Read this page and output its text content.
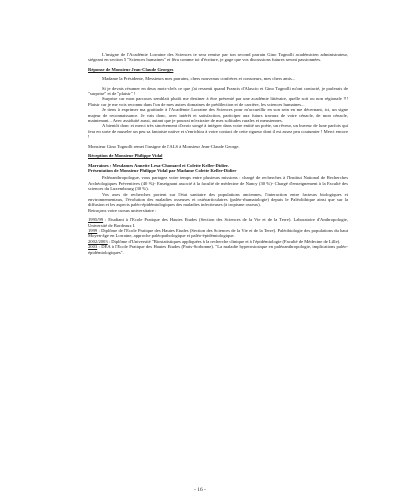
L'insigne de l'Académie Lorraine des Sciences te sera remise par ton second parrain Gino Tognolli académicien administrateur, siégeant en section 5 "Sciences humaines" et fêru comme toi d'écriture, je gage que vos discussions futures seront passionnées.

Réponse de Monsieur Jean-Claude Georges

Madame la Présidente, Messieurs mes parrains, chers nouveaux confrères et consoeurs, mes chers amis...

Si je devais résumer en deux mots-clefs ce que j'ai ressenti quand Francis d'Alascio et Gino Tognolli m'ont contacté, je parlerais de "surprise" et de "plaisir" !

Surprise car mon parcours semblait plutôt me destiner à être présenté par une académie littéraire, quelle soit ou non régionale !!! Plaisir car je me vois reconnu dans l'un de mes autres domaines de prédilection et de carrière, les sciences humaines...

Je tiens à exprimer ma gratitude à l'Académie Lorraine des Sciences pour m'accueillir en son sein en me décernant, ici, un signe majeur de reconnaissance. Je vais donc, avec intérêt et satisfaction, participer aux futurs travaux de votre cénacle, de mon cénacle, maintenant... Avec assiduité aussi, autant que je pourrai m'extraire de mes solitudes rurales et meusiennes.

A bientôt donc et merci très sincèrement d'avoir songé à intégrer dans votre entité un poète, un rêveur, un buveur de lune parfois qui fera en sorte de museler un peu sa fantaisie native et s'enrichira à votre contact de cette rigueur dont il est assez peu coutumier ! Merci encore !

Monsieur Gino Tognolli remet l'insigne de l'ALS à Monsieur Jean-Claude George.

Réception de Monsieur Philippe Vidal

Marraines : Mesdames Annette Lexa-Chomard et Colette Keller-Didier.

Présentation de Monsieur Philippe Vidal par Madame Colette Keller-Didier

Paléoanthropologue, vous partagez votre temps entre plusieurs missions : chargé de recherches à l'Institut National de Recherches Archéologiques Préventives (40 %)- Enseignant associé à la faculté de médecine de Nancy (30 %)- Chargé d'enseignement à la Faculté des sciences du Luxembourg (30 %).

Vos axes de recherches portent sur l'état sanitaire des populations anciennes, l'interaction entre facteurs biologiques et environnementaux, l'évolution des maladies osseuses et ostéoarticulaires (paléo-rhumatologie) depuis le Paléolithique ainsi que sur la diffusion et les aspects paléo-épidémiologiques des maladies infectieuses (à tropisme osseux).

Retraçons votre cursus universitaire :

1995/99 : Etudiant à l'Ecole Pratique des Hautes Etudes (Section des Sciences de la Vie et de la Terre). Laboratoire d'Anthropologie, Université de Bordeaux I.

1999 : Diplôme de l'Ecole Pratique des Hautes Etudes (Section des Sciences de la Vie et de la Terre). Paléobiologie des populations du haut Moyen-âge en Lorraine, approche paléopathologique et paléo-épidémiologique.

2002/2003 : Diplôme d'Université "Biostatistiques appliquées à la recherche clinique et à l'épidémiologie (Faculté de Médecine de Lille).

2003 : DEA à l'Ecole Pratique des Hautes Etudes (Paris-Sorbonne). "La maladie hyperostosique en paléoanthropologie, implications paléo-épidémiologiques".

- 16 -
